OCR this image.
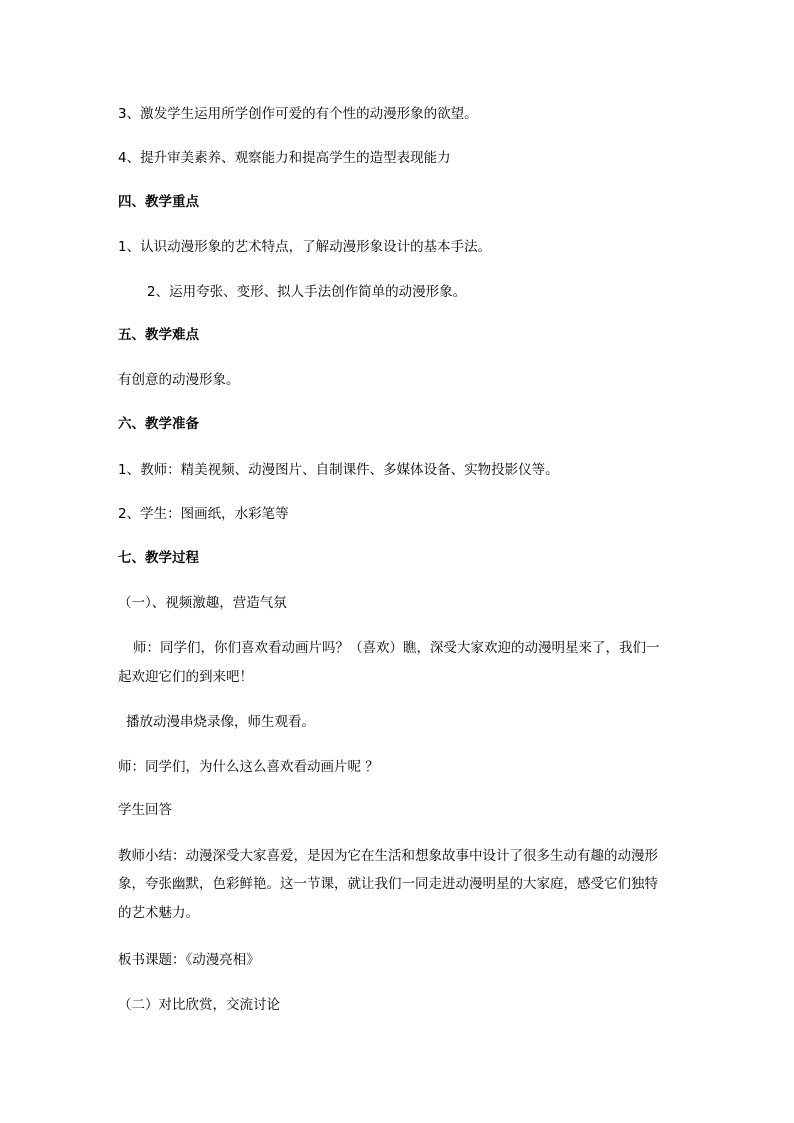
3、激发学生运用所学创作可爱的有个性的动漫形象的欲望。
4、提升审美素养、观察能力和提高学生的造型表现能力
四、教学重点
1、认识动漫形象的艺术特点，了解动漫形象设计的基本手法。
2、运用夸张、变形、拟人手法创作简单的动漫形象。
五、教学难点
有创意的动漫形象。
六、教学准备
1、教师：精美视频、动漫图片、自制课件、多媒体设备、实物投影仪等。
2、学生：图画纸，水彩笔等
七、教学过程
（一）、视频激趣，营造气氛
师：同学们，你们喜欢看动画片吗？（喜欢）瞧，深受大家欢迎的动漫明星来了，我们一
起欢迎它们的到来吧！
播放动漫串烧录像，师生观看。
师：同学们，为什么这么喜欢看动画片呢 ？
学生回答
教师小结：动漫深受大家喜爱，是因为它在生活和想象故事中设计了很多生动有趣的动漫形
象，夸张幽默，色彩鲜艳。这一节课，就让我们一同走进动漫明星的大家庭，感受它们独特
的艺术魅力。
板书课题：《动漫亮相》
（二）对比欣赏，交流讨论
